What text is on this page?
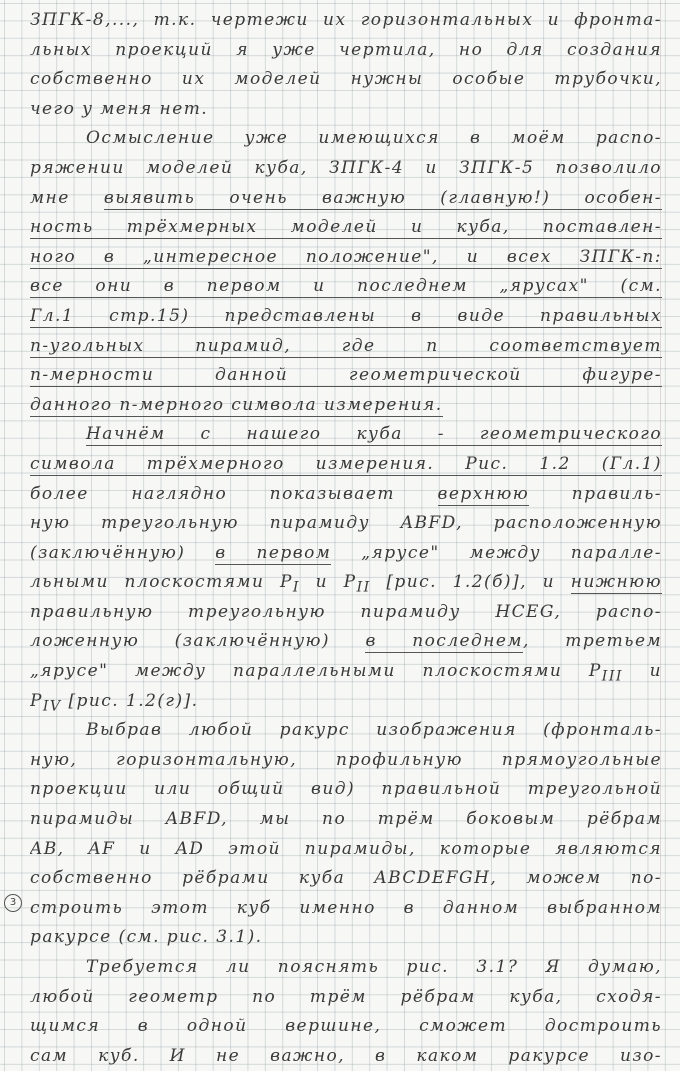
ЗПГК-8,..., т.к. чертежи их горизонтальных и фронта-
льных проекций я уже чертила, но для создания
собственно их моделей нужны особые трубочки,
чего у меня нет.
Осмысление уже имеющихся в моём распо-
ряжении моделей куба, ЗПГК-4 и ЗПГК-5 позволило
мне выявить очень важную (главную!) особен-
ность трёхмерных моделей и куба, поставлен-
ного в „интересное положение", и всех ЗПГК-n:
все они в первом и последнем „ярусах" (см.
Гл.1 стр.15) представлены в виде правильных
n-угольных пирамид, где n соответствует
n-мерности данной геометрической фигуре-
данного n-мерного символа измерения.
Начнём с нашего куба - геометрического
символа трёхмерного измерения. Рис. 1.2 (Гл.1)
более наглядно показывает верхнюю правиль-
ную треугольную пирамиду ABFD, расположенную
(заключённую) в первом „ярусе" между паралле-
льными плоскостями $P_I$ и $P_{II}$ [рис. 1.2(б)], и нижнюю
правильную треугольную пирамиду HCEG, распо-
ложенную (заключённую) в последнем, третьем
„ярусе" между параллельными плоскостями $P_{III}$ и
$P_{IV}$ [рис. 1.2(г)].
Выбрав любой ракурс изображения (фронталь-
ную, горизонтальную, профильную прямоугольные
проекции или общий вид) правильной треугольной
пирамиды ABFD, мы по трём боковым рёбрам
AB, AF и AD этой пирамиды, которые являются
собственно рёбрами куба ABCDEFGH, можем по-
строить этот куб именно в данном выбранном
ракурсе (см. рис. 3.1).
Требуется ли пояснять рис. 3.1? Я думаю,
любой геометр по трём рёбрам куба, сходя-
щимся в одной вершине, сможет достроить
сам куб. И не важно, в каком ракурсе изо-
3
